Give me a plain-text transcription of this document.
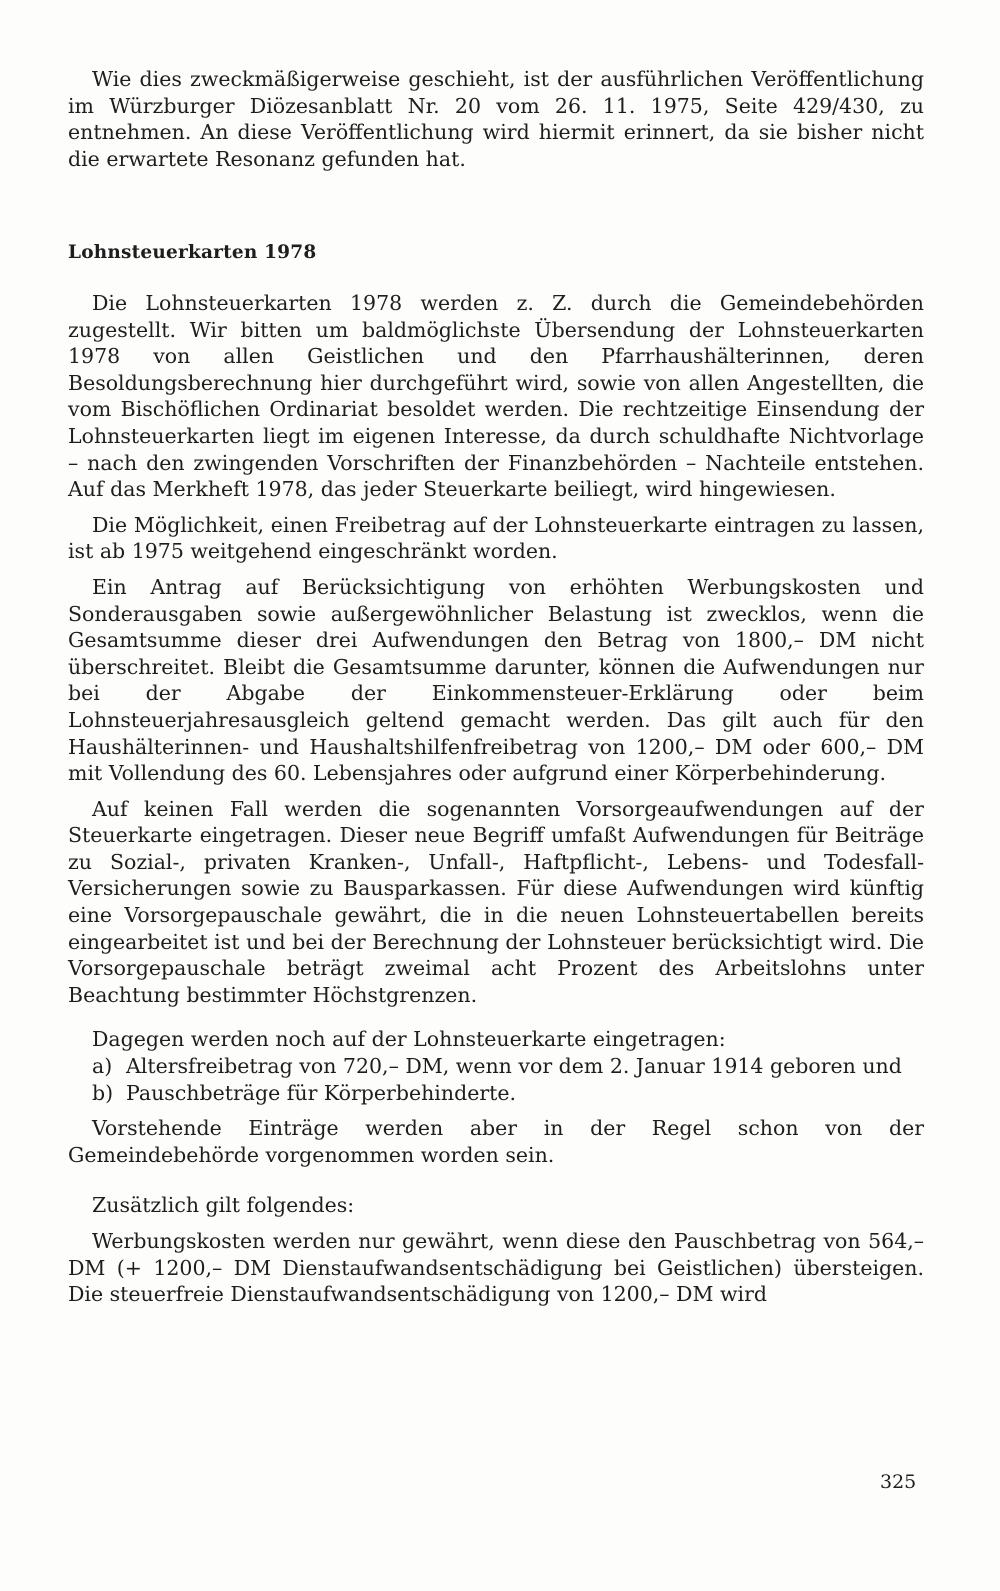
Wie dies zweckmäßigerweise geschieht, ist der ausführlichen Veröffentlichung im Würzburger Diözesanblatt Nr. 20 vom 26. 11. 1975, Seite 429/430, zu entnehmen. An diese Veröffentlichung wird hiermit erinnert, da sie bisher nicht die erwartete Resonanz gefunden hat.

Lohnsteuerkarten 1978

Die Lohnsteuerkarten 1978 werden z. Z. durch die Gemeindebehörden zugestellt. Wir bitten um baldmöglichste Übersendung der Lohnsteuerkarten 1978 von allen Geistlichen und den Pfarrhaushälterinnen, deren Besoldungsberechnung hier durchgeführt wird, sowie von allen Angestellten, die vom Bischöflichen Ordinariat besoldet werden. Die rechtzeitige Einsendung der Lohnsteuerkarten liegt im eigenen Interesse, da durch schuldhafte Nichtvorlage – nach den zwingenden Vorschriften der Finanzbehörden – Nachteile entstehen. Auf das Merkheft 1978, das jeder Steuerkarte beiliegt, wird hingewiesen.

Die Möglichkeit, einen Freibetrag auf der Lohnsteuerkarte eintragen zu lassen, ist ab 1975 weitgehend eingeschränkt worden.

Ein Antrag auf Berücksichtigung von erhöhten Werbungskosten und Sonderausgaben sowie außergewöhnlicher Belastung ist zwecklos, wenn die Gesamtsumme dieser drei Aufwendungen den Betrag von 1800,– DM nicht überschreitet. Bleibt die Gesamtsumme darunter, können die Aufwendungen nur bei der Abgabe der Einkommensteuer-Erklärung oder beim Lohnsteuerjahresausgleich geltend gemacht werden. Das gilt auch für den Haushälterinnen- und Haushaltshilfenfreibetrag von 1200,– DM oder 600,– DM mit Vollendung des 60. Lebensjahres oder aufgrund einer Körperbehinderung.

Auf keinen Fall werden die sogenannten Vorsorgeaufwendungen auf der Steuerkarte eingetragen. Dieser neue Begriff umfaßt Aufwendungen für Beiträge zu Sozial-, privaten Kranken-, Unfall-, Haftpflicht-, Lebens- und Todesfall-Versicherungen sowie zu Bausparkassen. Für diese Aufwendungen wird künftig eine Vorsorgepauschale gewährt, die in die neuen Lohnsteuertabellen bereits eingearbeitet ist und bei der Berechnung der Lohnsteuer berücksichtigt wird. Die Vorsorgepauschale beträgt zweimal acht Prozent des Arbeitslohns unter Beachtung bestimmter Höchstgrenzen.

Dagegen werden noch auf der Lohnsteuerkarte eingetragen:

a) Altersfreibetrag von 720,– DM, wenn vor dem 2. Januar 1914 geboren und
b) Pauschbeträge für Körperbehinderte.

Vorstehende Einträge werden aber in der Regel schon von der Gemeindebehörde vorgenommen worden sein.

Zusätzlich gilt folgendes:

Werbungskosten werden nur gewährt, wenn diese den Pauschbetrag von 564,– DM (+ 1200,– DM Dienstaufwandsentschädigung bei Geistlichen) übersteigen. Die steuerfreie Dienstaufwandsentschädigung von 1200,– DM wird

325
